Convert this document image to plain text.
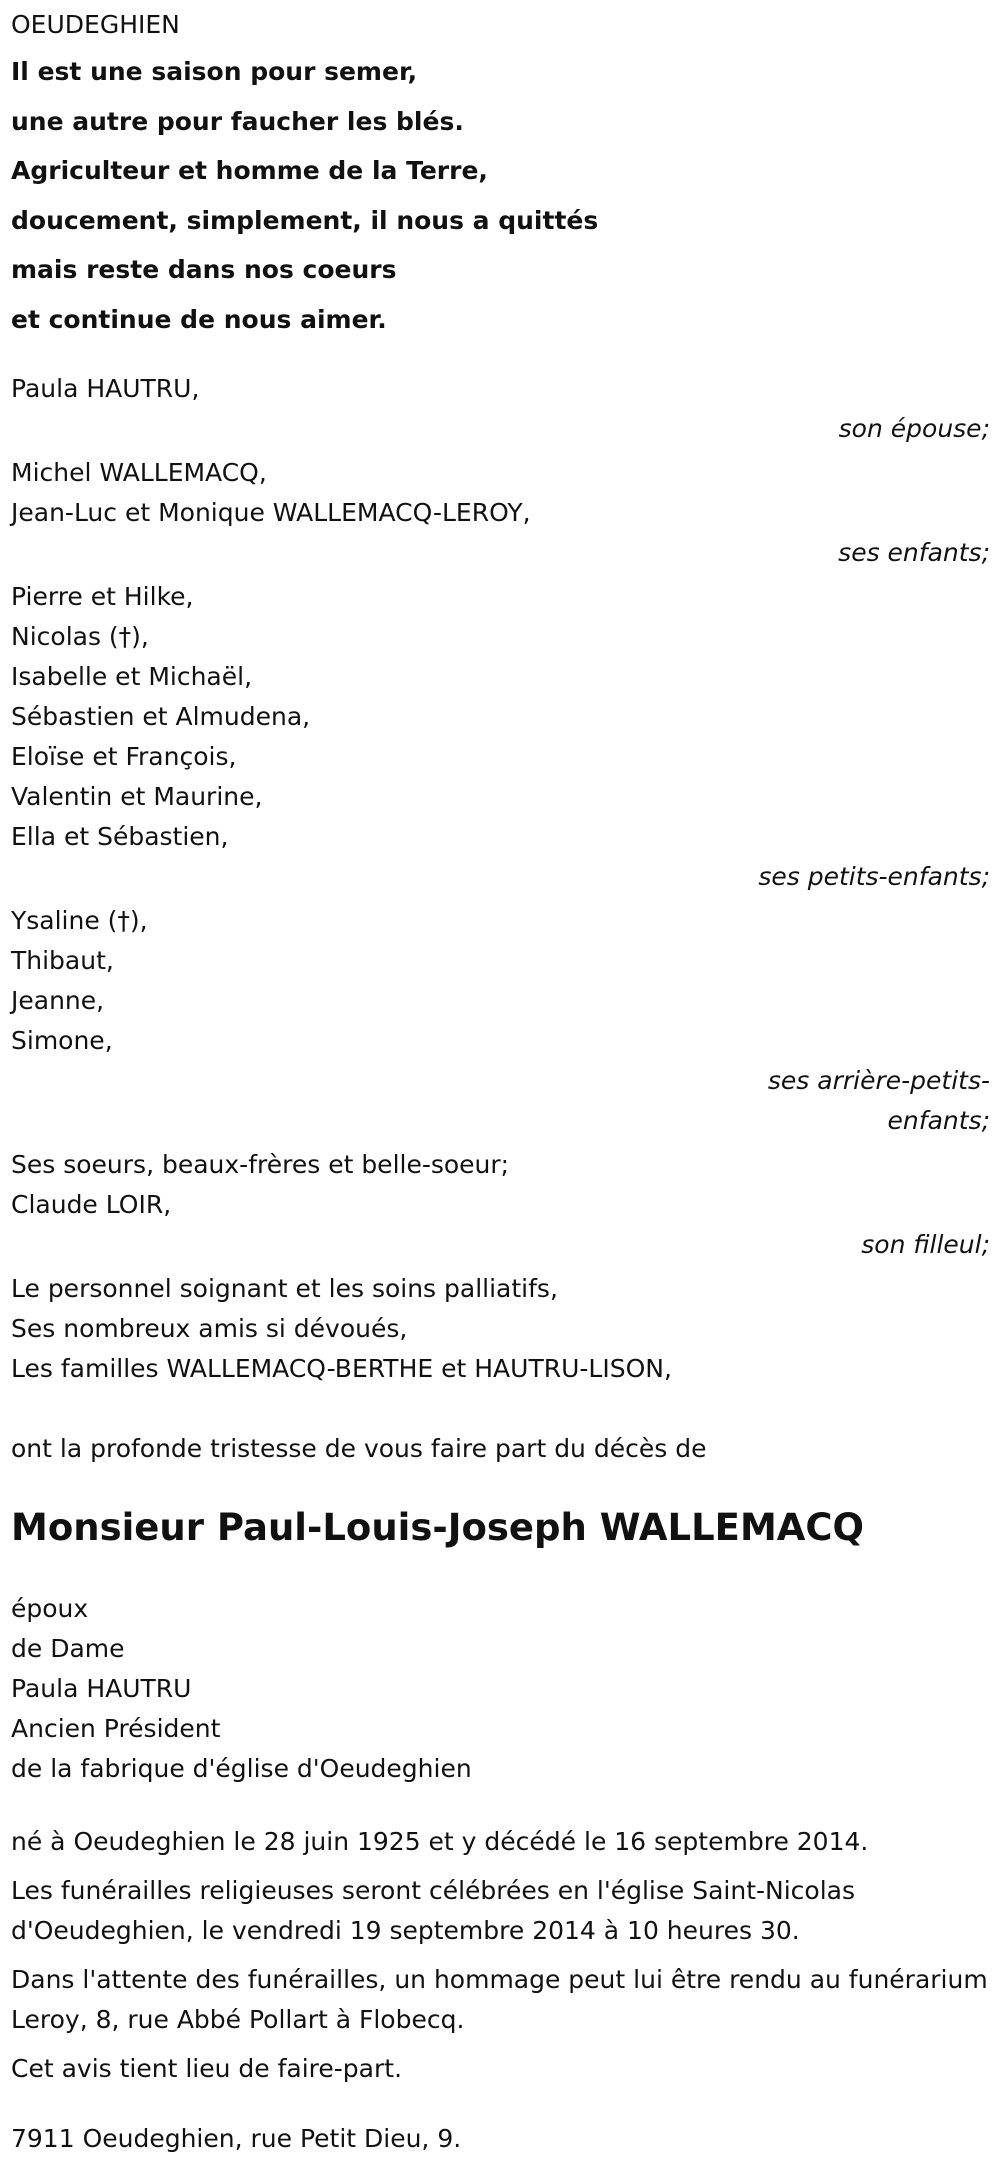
OEUDEGHIEN
Il est une saison pour semer,
une autre pour faucher les blés.
Agriculteur et homme de la Terre,
doucement, simplement, il nous a quittés
mais reste dans nos coeurs
et continue de nous aimer.
Paula HAUTRU,
son épouse;
Michel WALLEMACQ,
Jean-Luc et Monique WALLEMACQ-LEROY,
ses enfants;
Pierre et Hilke,
Nicolas (†),
Isabelle et Michaël,
Sébastien et Almudena,
Eloïse et François,
Valentin et Maurine,
Ella et Sébastien,
ses petits-enfants;
Ysaline (†),
Thibaut,
Jeanne,
Simone,
ses arrière-petits-enfants;
Ses soeurs, beaux-frères et belle-soeur;
Claude LOIR,
son filleul;
Le personnel soignant et les soins palliatifs,
Ses nombreux amis si dévoués,
Les familles WALLEMACQ-BERTHE et HAUTRU-LISON,
ont la profonde tristesse de vous faire part du décès de
Monsieur Paul-Louis-Joseph WALLEMACQ
époux
de Dame
Paula HAUTRU
Ancien Président
de la fabrique d'église d'Oeudeghien
né à Oeudeghien le 28 juin 1925 et y décédé le 16 septembre 2014.
Les funérailles religieuses seront célébrées en l'église Saint-Nicolas d'Oeudeghien, le vendredi 19 septembre 2014 à 10 heures 30.
Dans l'attente des funérailles, un hommage peut lui être rendu au funérarium Leroy, 8, rue Abbé Pollart à Flobecq.
Cet avis tient lieu de faire-part.
7911 Oeudeghien, rue Petit Dieu, 9.
